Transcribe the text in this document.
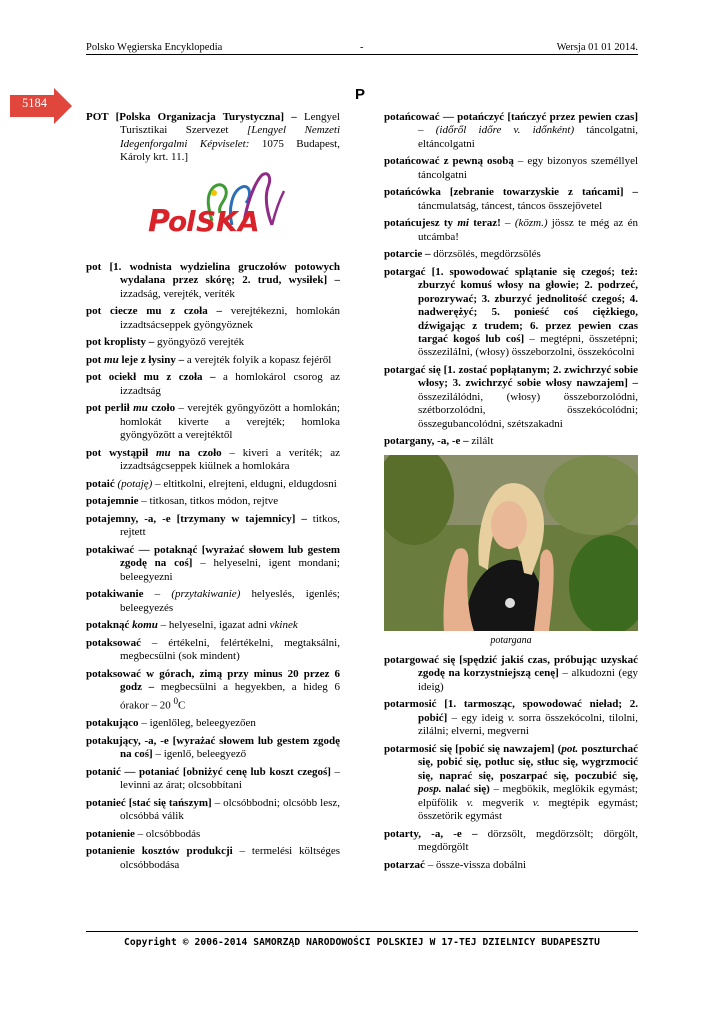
Polsko Węgierska Encyklopedia	-	Wersja 01 01 2014.
5184	P
POT [Polska Organizacja Turystyczna] – Lengyel Turisztikai Szervezet [Lengyel Nemzeti Idegenforgalmi Képviselet: 1075 Budapest, Károly krt. 11.]
P
o
l S K A
pot [1. wodnista wydzielina gruczołów potowych wydalana przez skórę; 2. trud, wysiłek] – izzadság, verejték, veríték
pot ciecze mu z czoła – verejtékezni, homlokán izzadtsácseppek gyöngyöznek
pot kroplisty – gyöngyöző verejték
pot mu leje z łysiny – a verejték folyik a kopasz fejéről
pot ociekł mu z czoła – a homlokárol csorog az izzadtság
pot perlił mu czoło – verejték gyöngyözött a homlokán; homlokát kiverte a verejték; homloka gyöngyözött a verejtéktől
pot wystąpił mu na czoło – kiveri a veríték; az izzadtságcseppek kiülnek a homlokára
potaić (potaję) – eltitkolni, elrejteni, eldugni, eldugdosni
potajemnie – titkosan, titkos módon, rejtve
potajemny, -a, -e [trzymany w tajemnicy] – titkos, rejtett
potakiwać — potaknąć [wyrażać słowem lub gestem zgodę na coś] – helyeselni, igent mondani; beleegyezni
potakiwanie – (przytakiwanie) helyeslés, igenlés; beleegyezés
potaknąć komu – helyeselni, igazat adni vkinek
potaksować – értékelni, felértékelni, megtaksálni, megbecsülni (sok mindent)
potaksować w górach, zimą przy minus 20 przez 6 godz – megbecsülni a hegyekben, a hideg 6 órakor – 20 $^0$C
potakująco – igenlőleg, beleegyezően
potakujący, -a, -e [wyrażać słowem lub gestem zgodę na coś] – igenlő, beleegyező
potanić — potaniać [obniżyć cenę lub koszt czegoś] – levinni az árat; olcsobbítani
potanieć [stać się tańszym] – olcsóbbodni; olcsóbb lesz, olcsóbbá válik
potanienie – olcsóbbodás
potanienie kosztów produkcji – termelési költséges olcsóbbodása
potańcować — potańczyć [tańczyć przez pewien czas] – (időről időre v. időnként) táncolgatni, eltáncolgatni
potańcować z pewną osobą – egy bizonyos személlyel táncolgatni
potańcówka [zebranie towarzyskie z tańcami] – táncmulatság, táncest, táncos összejövetel
potańcujesz ty mi teraz! – (közm.) jössz te még az én utcámba!
potarcie – dörzsölés, megdörzsölés
potargać [1. spowodować splątanie się czegoś; też: zburzyć komuś włosy na głowie; 2. podrzeć, porozrywać; 3. zburzyć jednolitość czegoś; 4. nadwerężyć; 5. ponieść coś ciężkiego, dźwigając z trudem; 6. przez pewien czas targać kogoś lub coś] – megtépni, összetépni; összeziláIni, (włosy) összeborzolni, összekócolni
potargać się [1. zostać popłątanym; 2. zwichrzyć sobie włosy; 3. zwichrzyć sobie włosy nawzajem] – összezilálódni, (włosy) összeborzolódni, szétborzolódni, összekócolódni; összegubancolódni, szétszakadni
potargany, -a, -e – zilált
potargana
potargować się [spędzić jakiś czas, próbując uzyskać zgodę na korzystniejszą cenę] – alkudozni (egy ideig)
potarmosić [1. tarmosząc, spowodować nieład; 2. pobić] – egy ideig v. sorra összekócolni, tilolni, zilálni; elverni, megverni
potarmosić się [pobić się nawzajem] (pot. poszturchać się, pobić się, potłuc się, stłuc się, wygrzmocić się, naprać się, poszarpać się, poczubić się, posp. nalać się) – megbökik, meglökik egymást; elpüfölik v. megverik v. megtépik egymást; összetörik egymást
potarty, -a, -e – dörzsölt, megdörzsölt; dörgölt, megdörgölt
potarzać – össze-vissza dobálni
Copyright © 2006-2014 SAMORZĄD NARODOWOŚCI POLSKIEJ W 17-TEJ DZIELNICY BUDAPESZTU
